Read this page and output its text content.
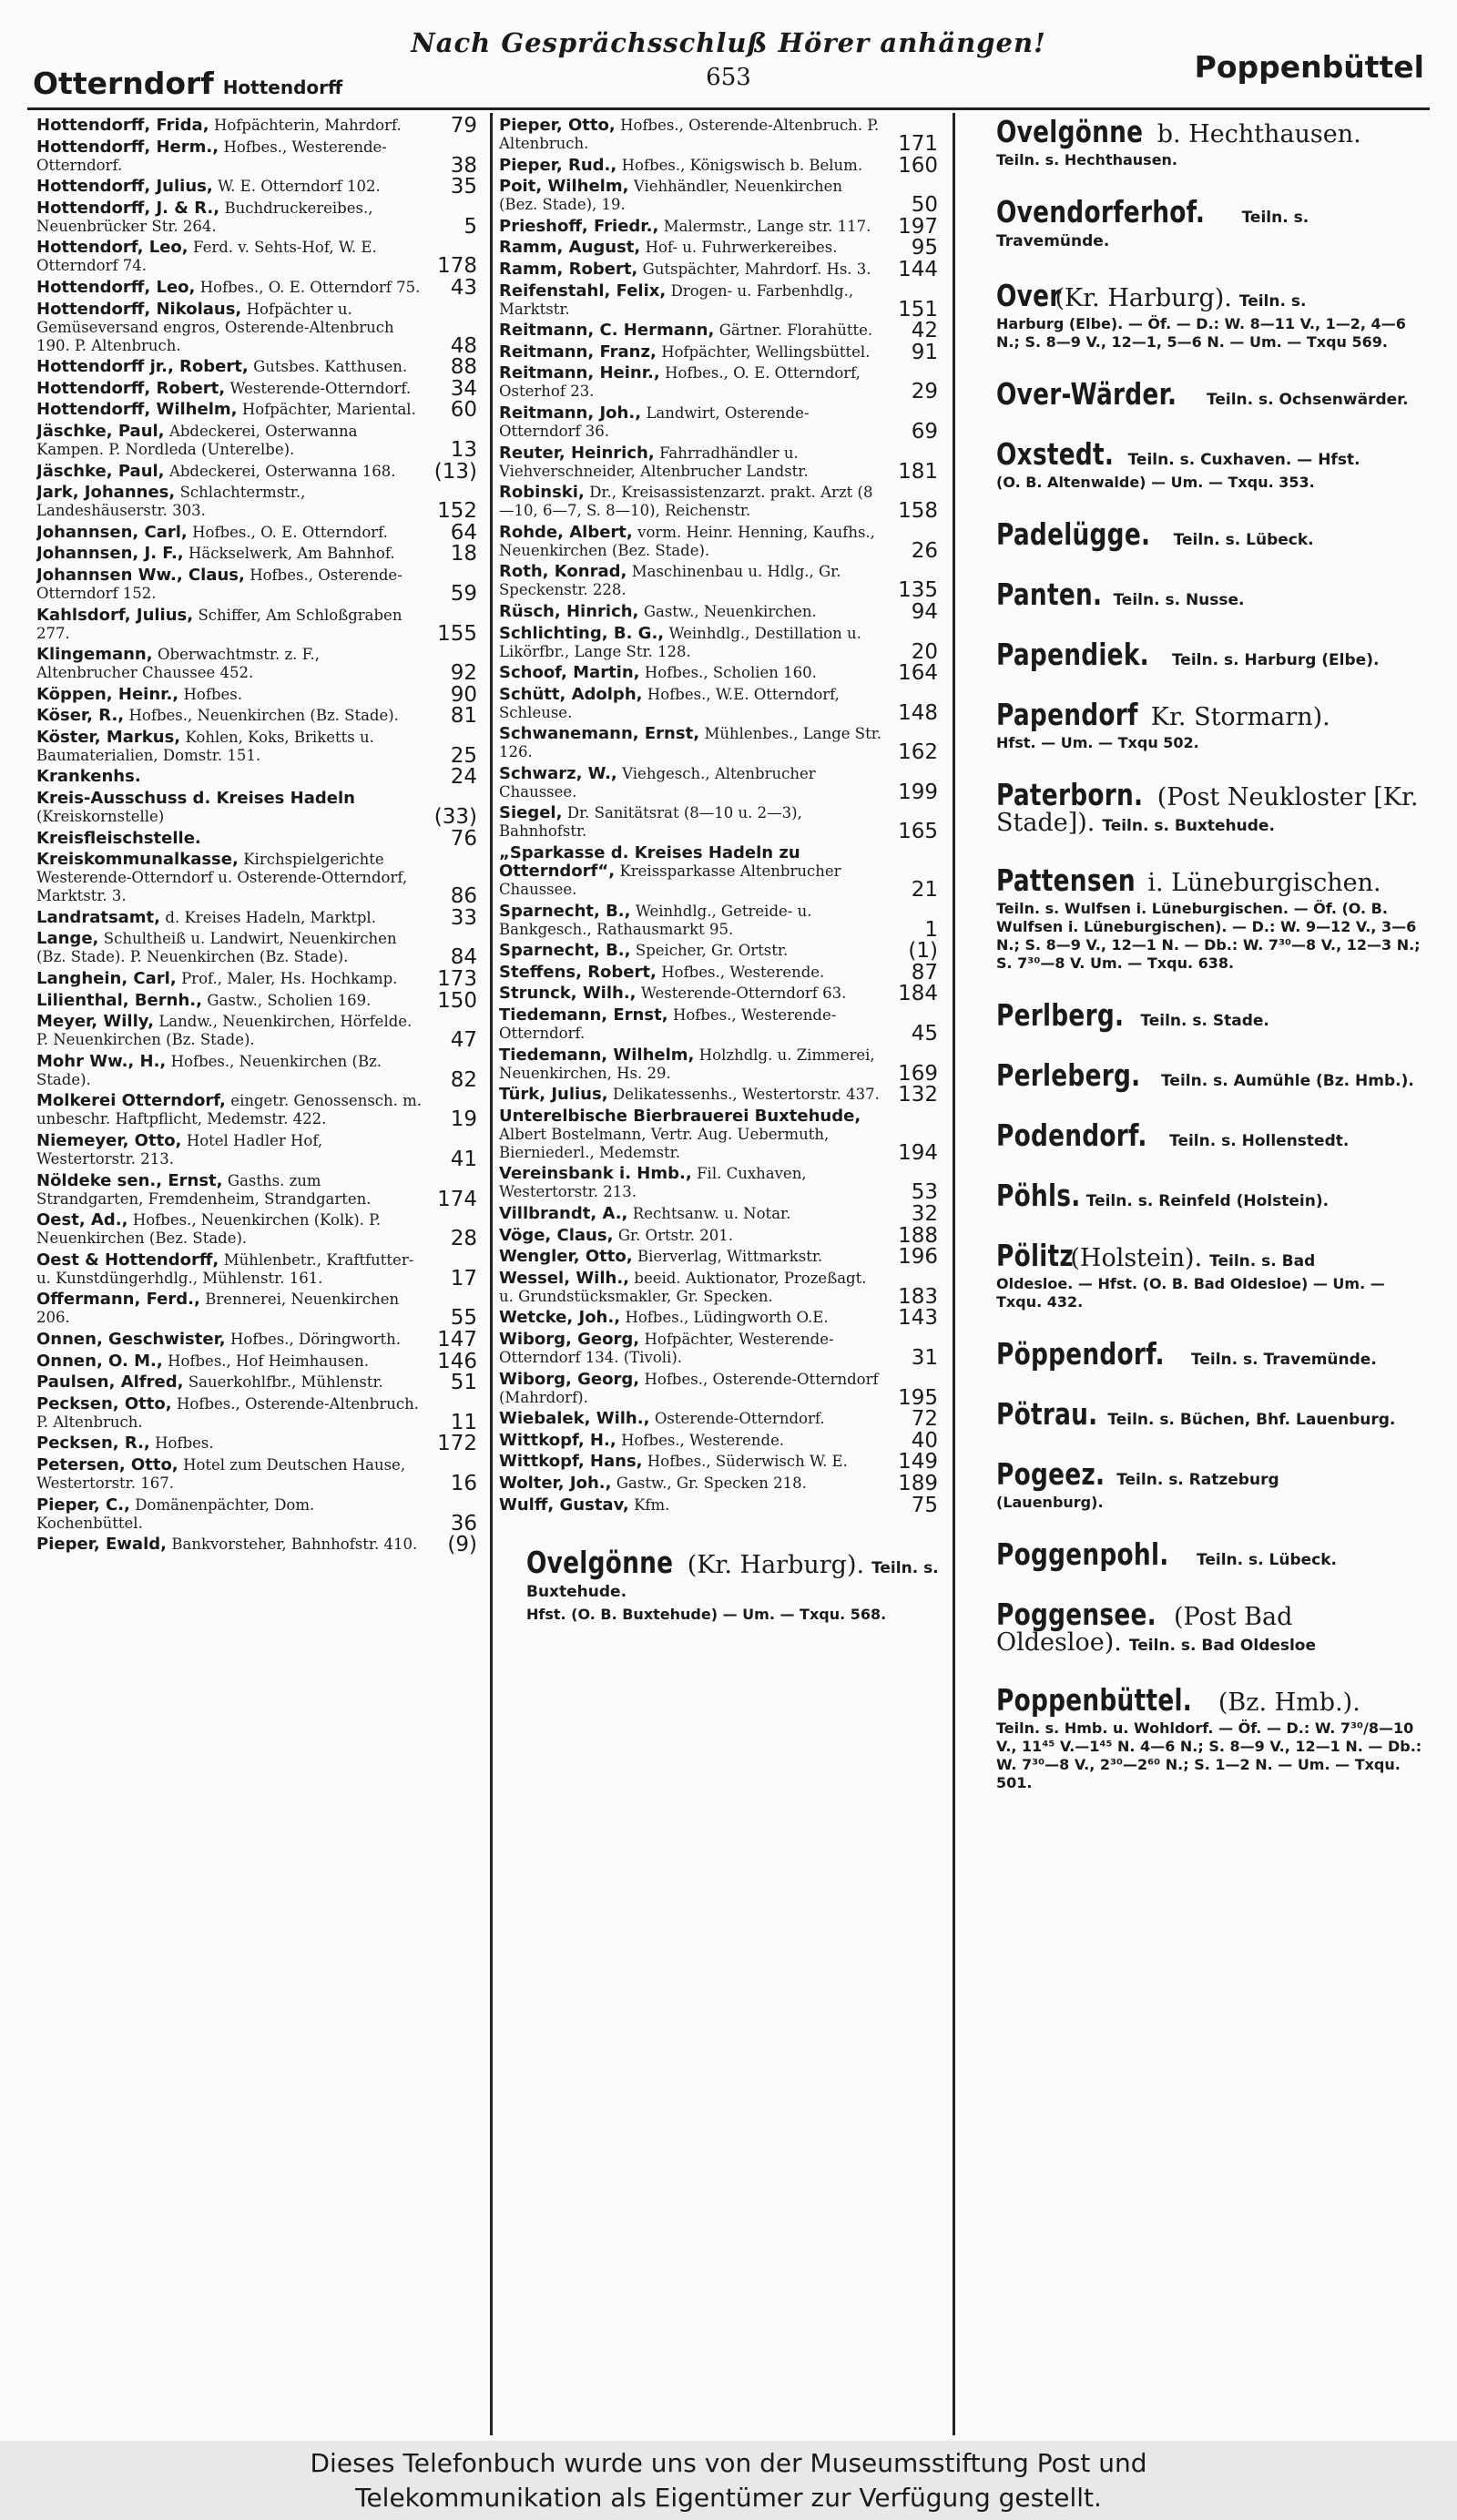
Nach Gesprächsschluß Hörer anhängen!
653
Otterndorf Hottendorff
Poppenbüttel
Hottendorff, Frida, Hofpächterin, Mahrdorf. 79
Hottendorff, Herm., Hofbes., Westerende-Otterndorf.	38
Hottendorff, Julius, W. E. Otterndorf 102.	35
Hottendorff, J. & R., Buchdruckereibes., Neuenbrücker Str. 264.	5
Hottendorf, Leo, Ferd. v. Sehts-Hof, W. E. Otterndorf 74.	178
Hottendorff, Leo, Hofbes., O. E. Otterndorf 75. 43
Hottendorff, Nikolaus, Hofpächter u. Gemüseversand engros, Osterende-Altenbruch 190. P. Altenbruch.	48
Hottendorff jr., Robert, Gutsbes. Katthusen. 88
Hottendorff, Robert, Westerende-Otterndorf. 34
Hottendorff, Wilhelm, Hofpächter, Mariental. 60
Jäschke, Paul, Abdeckerei, Osterwanna Kampen. P. Nordleda (Unterelbe).	13
Jäschke, Paul, Abdeckerei, Osterwanna 168. (13)
Jark, Johannes, Schlachtermstr., Landeshäuserstr. 303.	152
Johannsen, Carl, Hofbes., O. E. Otterndorf.	64
Johannsen, J. F., Häckselwerk, Am Bahnhof.	18
Johannsen Ww., Claus, Hofbes., Osterende-Otterndorf 152.	59
Kahlsdorf, Julius, Schiffer, Am Schloßgraben 277.	155
Klingemann, Oberwachtmstr. z. F., Altenbrucher Chaussee 452.	92
Köppen, Heinr., Hofbes.	90
Köser, R., Hofbes., Neuenkirchen (Bz. Stade). 81
Köster, Markus, Kohlen, Koks, Briketts u. Baumaterialien, Domstr. 151.	25
Krankenhs.	24
Kreis-Ausschuss d. Kreises Hadeln (Kreiskornstelle)	(33)
Kreisfleischstelle.	76
Kreiskommunalkasse, Kirchspielgerichte Westerende-Otterndorf u. Osterende-Otterndorf, Marktstr. 3.	86
Landratsamt, d. Kreises Hadeln, Marktpl.	33
Lange, Schultheiß u. Landwirt, Neuenkirchen (Bz. Stade). P. Neuenkirchen (Bz. Stade).	84
Langhein, Carl, Prof., Maler, Hs. Hochkamp. 173
Lilienthal, Bernh., Gastw., Scholien 169.	150
Meyer, Willy, Landw., Neuenkirchen, Hörfelde. P. Neuenkirchen (Bz. Stade).	47
Mohr Ww., H., Hofbes., Neuenkirchen (Bz. Stade).	82
Molkerei Otterndorf, eingetr. Genossensch. m. unbeschr. Haftpflicht, Medemstr. 422.	19
Niemeyer, Otto, Hotel Hadler Hof, Westertorstr. 213.	41
Nöldeke sen., Ernst, Gasths. zum Strandgarten, Fremdenheim, Strandgarten.	174
Oest, Ad., Hofbes., Neuenkirchen (Kolk). P. Neuenkirchen (Bez. Stade).	28
Oest & Hottendorff, Mühlenbetr., Kraftfutter- u. Kunstdüngerhdlg., Mühlenstr. 161.	17
Offermann, Ferd., Brennerei, Neuenkirchen 206.	55
Onnen, Geschwister, Hofbes., Döringworth. 147
Onnen, O. M., Hofbes., Hof Heimhausen.	146
Paulsen, Alfred, Sauerkohlfbr., Mühlenstr.	51
Pecksen, Otto, Hofbes., Osterende-Altenbruch. P. Altenbruch.	11
Pecksen, R., Hofbes.	172
Petersen, Otto, Hotel zum Deutschen Hause, Westertorstr. 167.	16
Pieper, C., Domänenpächter, Dom. Kochenbüttel.	36
Pieper, Ewald, Bankvorsteher, Bahnhofstr. 410. (9)
Pieper, Otto, Hofbes., Osterende-Altenbruch. P. Altenbruch.	171
Pieper, Rud., Hofbes., Königswisch b. Belum. 160
Poit, Wilhelm, Viehhändler, Neuenkirchen (Bez. Stade), 19.	50
Prieshoff, Friedr., Malermstr., Lange str. 117. 197
Ramm, August, Hof- u. Fuhrwerkereibes.	95
Ramm, Robert, Gutspächter, Mahrdorf. Hs. 3. 144
Reifenstahl, Felix, Drogen- u. Farbenhdlg., Marktstr.	151
Reitmann, C. Hermann, Gärtner. Florahütte. 42
Reitmann, Franz, Hofpächter, Wellingsbüttel. 91
Reitmann, Heinr., Hofbes., O. E. Otterndorf, Osterhof 23.	29
Reitmann, Joh., Landwirt, Osterende-Otterndorf 36.	69
Reuter, Heinrich, Fahrradhändler u. Viehverschneider, Altenbrucher Landstr.	181
Robinski, Dr., Kreisassistenzarzt. prakt. Arzt (8—10, 6—7, S. 8—10), Reichenstr.	158
Rohde, Albert, vorm. Heinr. Henning, Kaufhs., Neuenkirchen (Bez. Stade).	26
Roth, Konrad, Maschinenbau u. Hdlg., Gr. Speckenstr. 228.	135
Rüsch, Hinrich, Gastw., Neuenkirchen.	94
Schlichting, B. G., Weinhdlg., Destillation u. Likörfbr., Lange Str. 128.	20
Schoof, Martin, Hofbes., Scholien 160.	164
Schütt, Adolph, Hofbes., W.E. Otterndorf, Schleuse.	148
Schwanemann, Ernst, Mühlenbes., Lange Str. 126.	162
Schwarz, W., Viehgesch., Altenbrucher Chaussee.	199
Siegel, Dr. Sanitätsrat (8—10 u. 2—3), Bahnhofstr.	165
„Sparkasse d. Kreises Hadeln zu Otterndorf“, Kreissparkasse Altenbrucher Chaussee.	21
Sparnecht, B., Weinhdlg., Getreide- u. Bankgesch., Rathausmarkt 95.	1
Sparnecht, B., Speicher, Gr. Ortstr.	(1)
Steffens, Robert, Hofbes., Westerende.	87
Strunck, Wilh., Westerende-Otterndorf 63. 184
Tiedemann, Ernst, Hofbes., Westerende-Otterndorf.	45
Tiedemann, Wilhelm, Holzhdlg. u. Zimmerei, Neuenkirchen, Hs. 29.	169
Türk, Julius, Delikatessenhs., Westertorstr. 437. 132
Unterelbische Bierbrauerei Buxtehude, Albert Bostelmann, Vertr. Aug. Uebermuth, Bierniederl., Medemstr.	194
Vereinsbank i. Hmb., Fil. Cuxhaven, Westertorstr. 213.	53
Villbrandt, A., Rechtsanw. u. Notar.	32
Vöge, Claus, Gr. Ortstr. 201.	188
Wengler, Otto, Bierverlag, Wittmarkstr.	196
Wessel, Wilh., beeid. Auktionator, Prozeßagt. u. Grundstücksmakler, Gr. Specken.	183
Wetcke, Joh., Hofbes., Lüdingworth O.E.	143
Wiborg, Georg, Hofpächter, Westerende-Otterndorf 134. (Tivoli).	31
Wiborg, Georg, Hofbes., Osterende-Otterndorf (Mahrdorf).	195
Wiebalek, Wilh., Osterende-Otterndorf.	72
Wittkopf, H., Hofbes., Westerende.	40
Wittkopf, Hans, Hofbes., Süderwisch W. E. 149
Wolter, Joh., Gastw., Gr. Specken 218.	189
Wulff, Gustav, Kfm.	75
Ovelgönne (Kr. Harburg). Teiln. s. Buxtehude.
Hfst. (O. B. Buxtehude) — Um. — Txqu. 568.
Ovelgönne b. Hechthausen.
Teiln. s. Hechthausen.
Ovendorferhof. Teiln. s. Travemünde.
Over (Kr. Harburg). Teiln. s.
Harburg (Elbe). — Öf. — D.: W. 8—11 V., 1—2, 4—6 N.; S. 8—9 V., 12—1, 5—6 N. — Um. — Txqu 569.
Over-Wärder. Teiln. s. Ochsenwärder.
Oxstedt. Teiln. s. Cuxhaven. — Hfst.
(O. B. Altenwalde) — Um. — Txqu. 353.
Padelügge. Teiln. s. Lübeck.
Panten. Teiln. s. Nusse.
Papendiek. Teiln. s. Harburg (Elbe).
Papendorf Kr. Stormarn).
Hfst. — Um. — Txqu 502.
Paterborn. (Post Neukloster [Kr. Stade]). Teiln. s. Buxtehude.
Pattensen i. Lüneburgischen.
Teiln. s. Wulfsen i. Lüneburgischen. — Öf. (O. B. Wulfsen i. Lüneburgischen). — D.: W. 9—12 V., 3—6 N.; S. 8—9 V., 12—1 N. — Db.: W. 7³⁰—8 V., 12—3 N.; S. 7³⁰—8 V. Um. — Txqu. 638.
Perlberg. Teiln. s. Stade.
Perleberg. Teiln. s. Aumühle (Bz. Hmb.).
Podendorf. Teiln. s. Hollenstedt.
Pöhls. Teiln. s. Reinfeld (Holstein).
Pölitz (Holstein). Teiln. s. Bad
Oldesloe. — Hfst. (O. B. Bad Oldesloe) — Um. — Txqu. 432.
Pöppendorf. Teiln. s. Travemünde.
Pötrau. Teiln. s. Büchen, Bhf. Lauenburg.
Pogeez. Teiln. s. Ratzeburg
(Lauenburg).
Poggenpohl. Teiln. s. Lübeck.
Poggensee. (Post Bad Oldesloe). Teiln. s. Bad Oldesloe
Poppenbüttel. (Bz. Hmb.).
Teiln. s. Hmb. u. Wohldorf. — Öf. — D.: W. 7³⁰/8—10 V., 11⁴⁵ V.—1⁴⁵ N. 4—6 N.; S. 8—9 V., 12—1 N. — Db.: W. 7³⁰—8 V., 2³⁰—2⁶⁰ N.; S. 1—2 N. — Um. — Txqu. 501.
Dieses Telefonbuch wurde uns von der Museumsstiftung Post und
Telekommunikation als Eigentümer zur Verfügung gestellt.
